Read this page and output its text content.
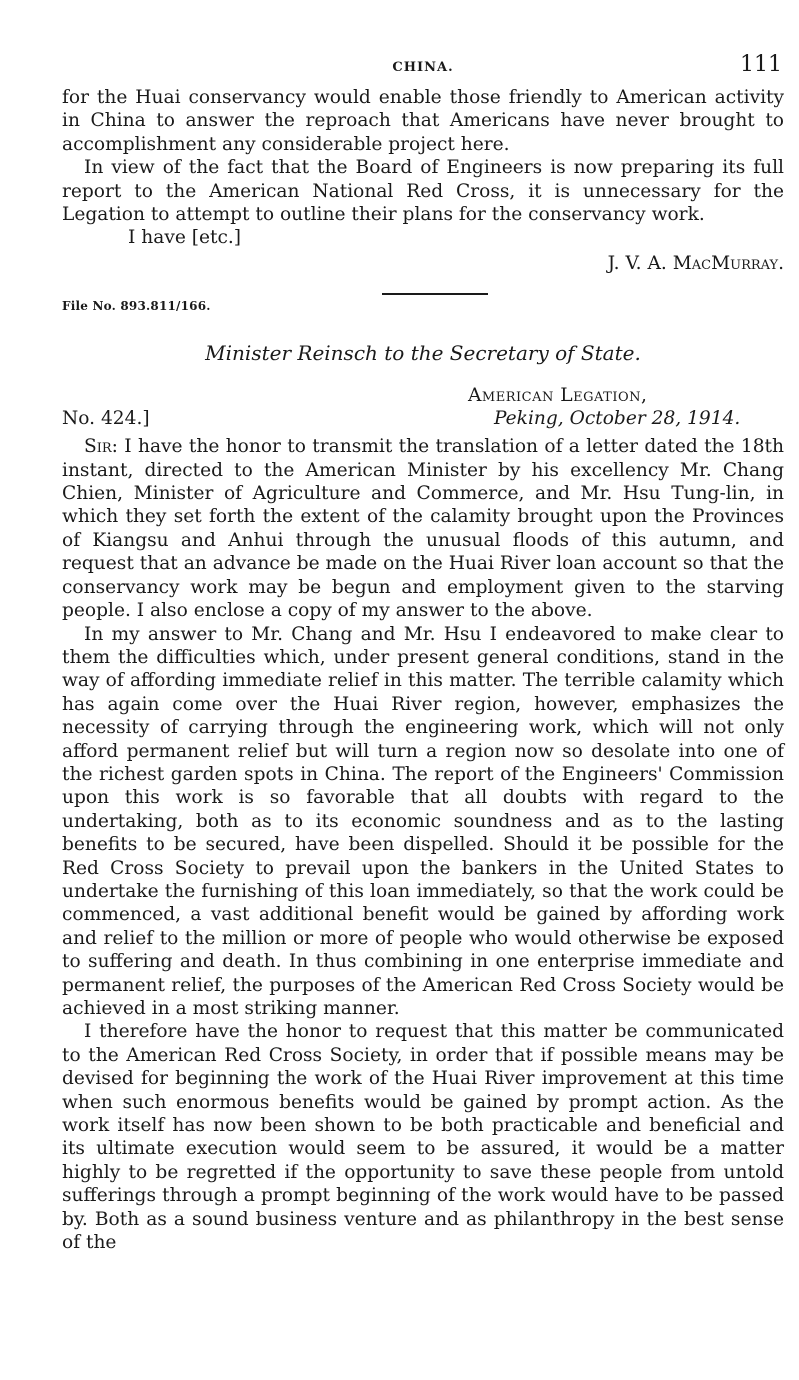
CHINA.	111

for the Huai conservancy would enable those friendly to American activity in China to answer the reproach that Americans have never brought to accomplishment any considerable project here.

In view of the fact that the Board of Engineers is now preparing its full report to the American National Red Cross, it is unnecessary for the Legation to attempt to outline their plans for the conservancy work.

I have [etc.]
J. V. A. MacMurray.
File No. 893.811/166.
Minister Reinsch to the Secretary of State.
American Legation,
No. 424.]	Peking, October 28, 1914.

Sir: I have the honor to transmit the translation of a letter dated the 18th instant, directed to the American Minister by his excellency Mr. Chang Chien, Minister of Agriculture and Commerce, and Mr. Hsu Tung-lin, in which they set forth the extent of the calamity brought upon the Provinces of Kiangsu and Anhui through the unusual floods of this autumn, and request that an advance be made on the Huai River loan account so that the conservancy work may be begun and employment given to the starving people. I also enclose a copy of my answer to the above.

In my answer to Mr. Chang and Mr. Hsu I endeavored to make clear to them the difficulties which, under present general conditions, stand in the way of affording immediate relief in this matter. The terrible calamity which has again come over the Huai River region, however, emphasizes the necessity of carrying through the engineering work, which will not only afford permanent relief but will turn a region now so desolate into one of the richest garden spots in China. The report of the Engineers' Commission upon this work is so favorable that all doubts with regard to the undertaking, both as to its economic soundness and as to the lasting benefits to be secured, have been dispelled. Should it be possible for the Red Cross Society to prevail upon the bankers in the United States to undertake the furnishing of this loan immediately, so that the work could be commenced, a vast additional benefit would be gained by affording work and relief to the million or more of people who would otherwise be exposed to suffering and death. In thus combining in one enterprise immediate and permanent relief, the purposes of the American Red Cross Society would be achieved in a most striking manner.

I therefore have the honor to request that this matter be communicated to the American Red Cross Society, in order that if possible means may be devised for beginning the work of the Huai River improvement at this time when such enormous benefits would be gained by prompt action. As the work itself has now been shown to be both practicable and beneficial and its ultimate execution would seem to be assured, it would be a matter highly to be regretted if the opportunity to save these people from untold sufferings through a prompt beginning of the work would have to be passed by. Both as a sound business venture and as philanthropy in the best sense of the
